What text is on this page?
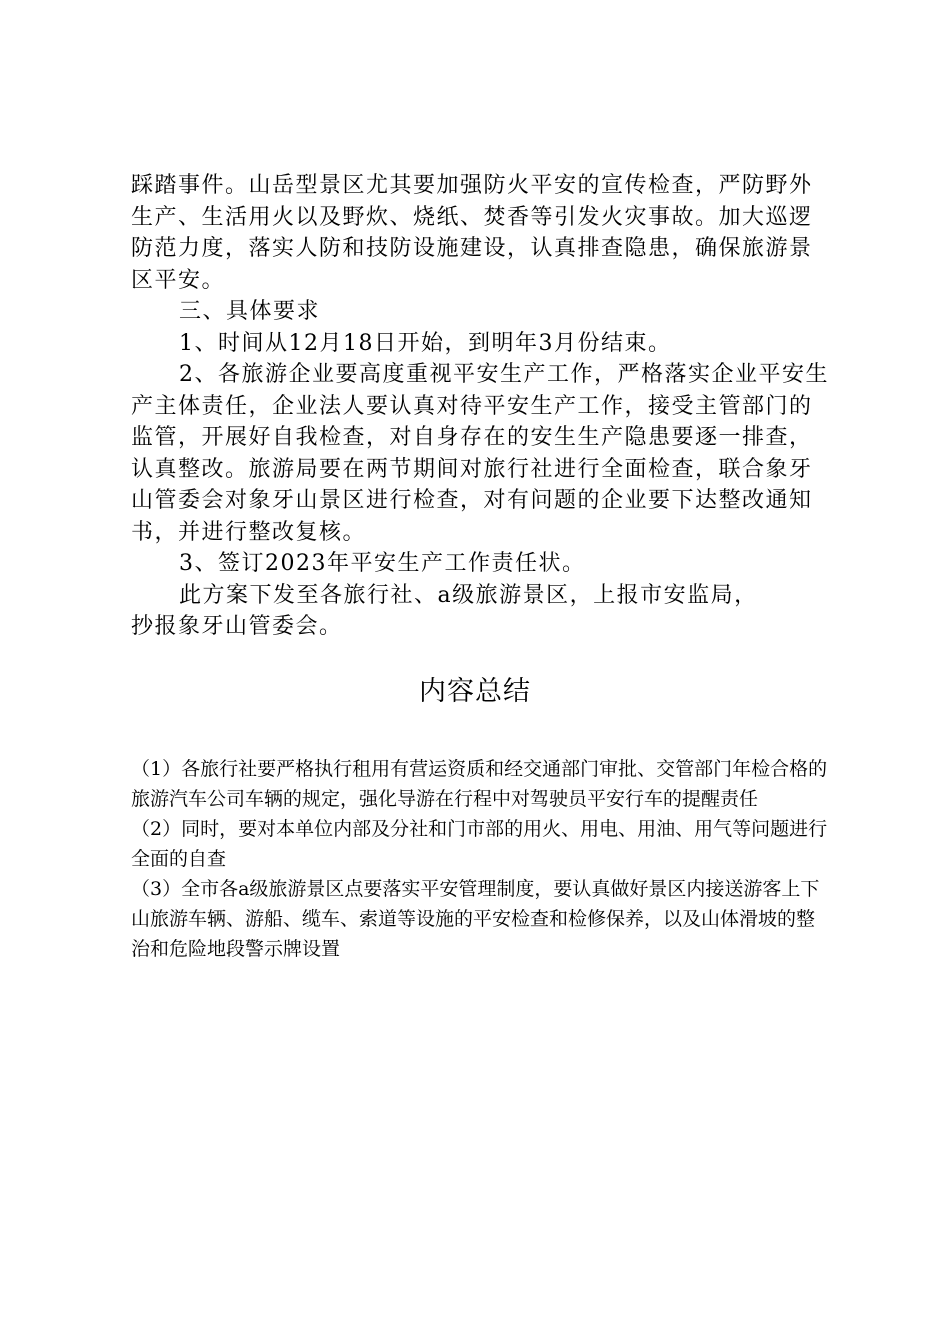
踩踏事件。山岳型景区尤其要加强防火平安的宣传检查，严防野外生产、生活用火以及野炊、烧纸、焚香等引发火灾事故。加大巡逻防范力度，落实人防和技防设施建设，认真排查隐患，确保旅游景区平安。

三、具体要求

1、时间从12月18日开始，到明年3月份结束。

2、各旅游企业要高度重视平安生产工作，严格落实企业平安生产主体责任，企业法人要认真对待平安生产工作，接受主管部门的监管，开展好自我检查，对自身存在的安生生产隐患要逐一排查，认真整改。旅游局要在两节期间对旅行社进行全面检查，联合象牙山管委会对象牙山景区进行检查，对有问题的企业要下达整改通知书，并进行整改复核。

3、签订2023年平安生产工作责任状。

此方案下发至各旅行社、a级旅游景区，上报市安监局，

抄报象牙山管委会。

内容总结

（1）各旅行社要严格执行租用有营运资质和经交通部门审批、交管部门年检合格的旅游汽车公司车辆的规定，强化导游在行程中对驾驶员平安行车的提醒责任

（2）同时，要对本单位内部及分社和门市部的用火、用电、用油、用气等问题进行全面的自查

（3）全市各a级旅游景区点要落实平安管理制度，要认真做好景区内接送游客上下山旅游车辆、游船、缆车、索道等设施的平安检查和检修保养，以及山体滑坡的整治和危险地段警示牌设置
